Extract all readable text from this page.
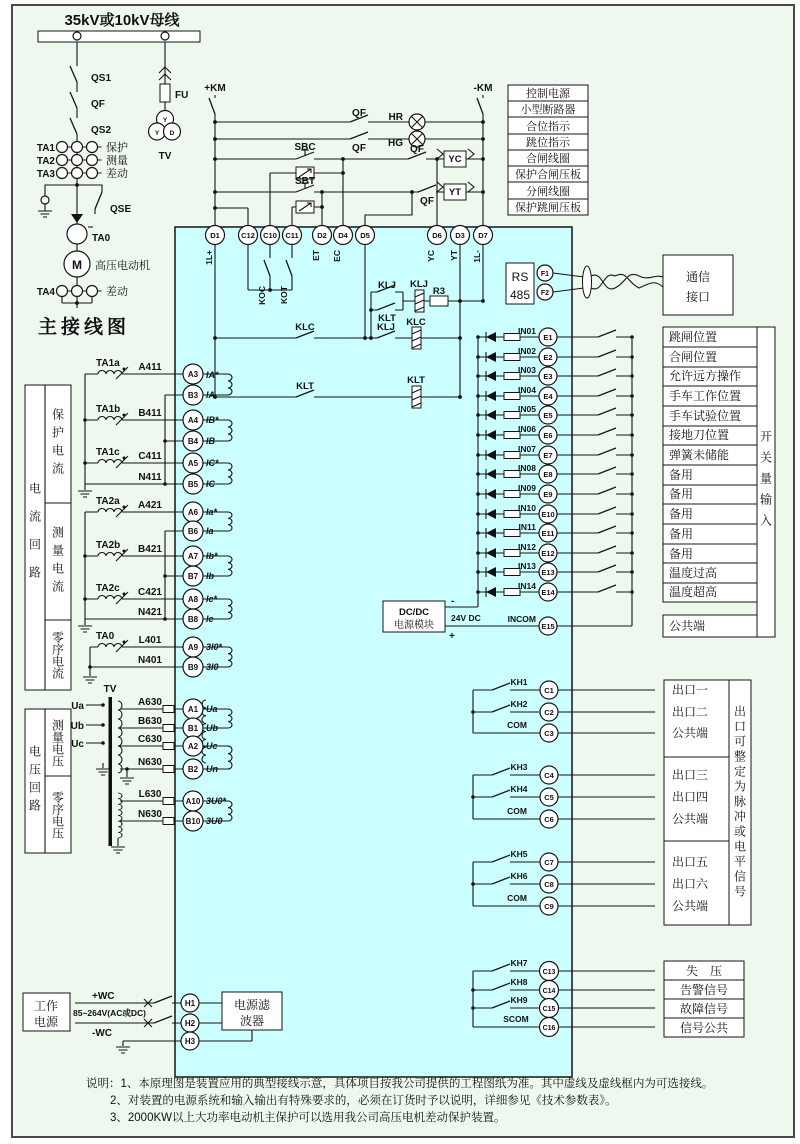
35kV或10kV母线
主接线图
QS1
QF
QS2
QSE
FU
TV
Y
Y D
TA1	保护
TA2	测量
TA3	差动
TA0
高压电动机
M
TA4	差动
+KM	-KM
HR
HG
QF
QF	QF
QF
SBC
SBT
YC
YT
控制电源
小型断路器
合位指示
跳位指示
合闸线圈
保护合闸压板
分闸线圈
保护跳闸压板
D1	C12 C10 C11 D2 D4 D5	D6 D3 D7
1L+	ET EC	YC YT 1L-
KOC KOT
KLJ
KLT
KLJ
R3
KLC	KLJ KLC
KLT
KLT
RS
485
F1
F2
通信
接口
TA1a
TA1b
TA1c
TA2a
TA2b
TA2c
TA0
A411
B411
C411
N411
A421
B421
C421
N421
L401
N401
A3
B3
A4
B4
A5
B5
A6
B6
A7
B7
A8
B8
A9
B9
IA*
IA
IB*
IB
IC*
IC
Ia*
Ia
Ib*
Ib
Ic*
Ic
3I0*
3I0
Ua
Ub
Uc
TV
A630
B630
C630
N630
L630
N630
A1
B1
A2
B2
A10
B10
Ua
Ub
Uc
Un
3U0*
3U0
IN01
IN02
IN03
IN04
IN05
IN06
IN07
IN08
IN09
IN10
IN11
IN12
IN13
IN14
INCOM
E1
E2
E3
E4
E5
E6
E7
E8
E9
E10
E11
E12
E13
E14
E15
跳闸位置
合闸位置
允许远方操作
手车工作位置
手车试验位置
接地刀位置
弹簧未储能
备用
备用
备用
备用
备用
温度过高
温度超高
公共端
DC/DC
电源模块
24V DC
-
+
KH1
KH2
COM
KH3
KH4
COM
KH5
KH6
COM
C1
C2
C3
C4
C5
C6
C7
C8
C9
出口一
出口二
公共端
出口三
出口四
公共端
出口五
出口六
公共端
KH7
KH8
KH9
SCOM
C13
C14
C15
C16
失　压
告警信号
故障信号
信号公共
+WC
85~264V(AC或DC)
-WC
H1
H2
H3
工作
电源
电源滤
波器
说明：1、本原理图是装置应用的典型接线示意，具体项目按我公司提供的工程图纸为准。其中虚线及虚线框内为可选接线。
2、对装置的电源系统和输入输出有特殊要求的，必须在订货时予以说明，详细参见《技术参数表》。
3、2000KW以上大功率电动机主保护可以选用我公司高压电机差动保护装置。
开关量输入
出口可整定为脉冲或电平信号
电流回路
保护电流
测量电流
零序电流
电压回路
测量电压
零序电压
